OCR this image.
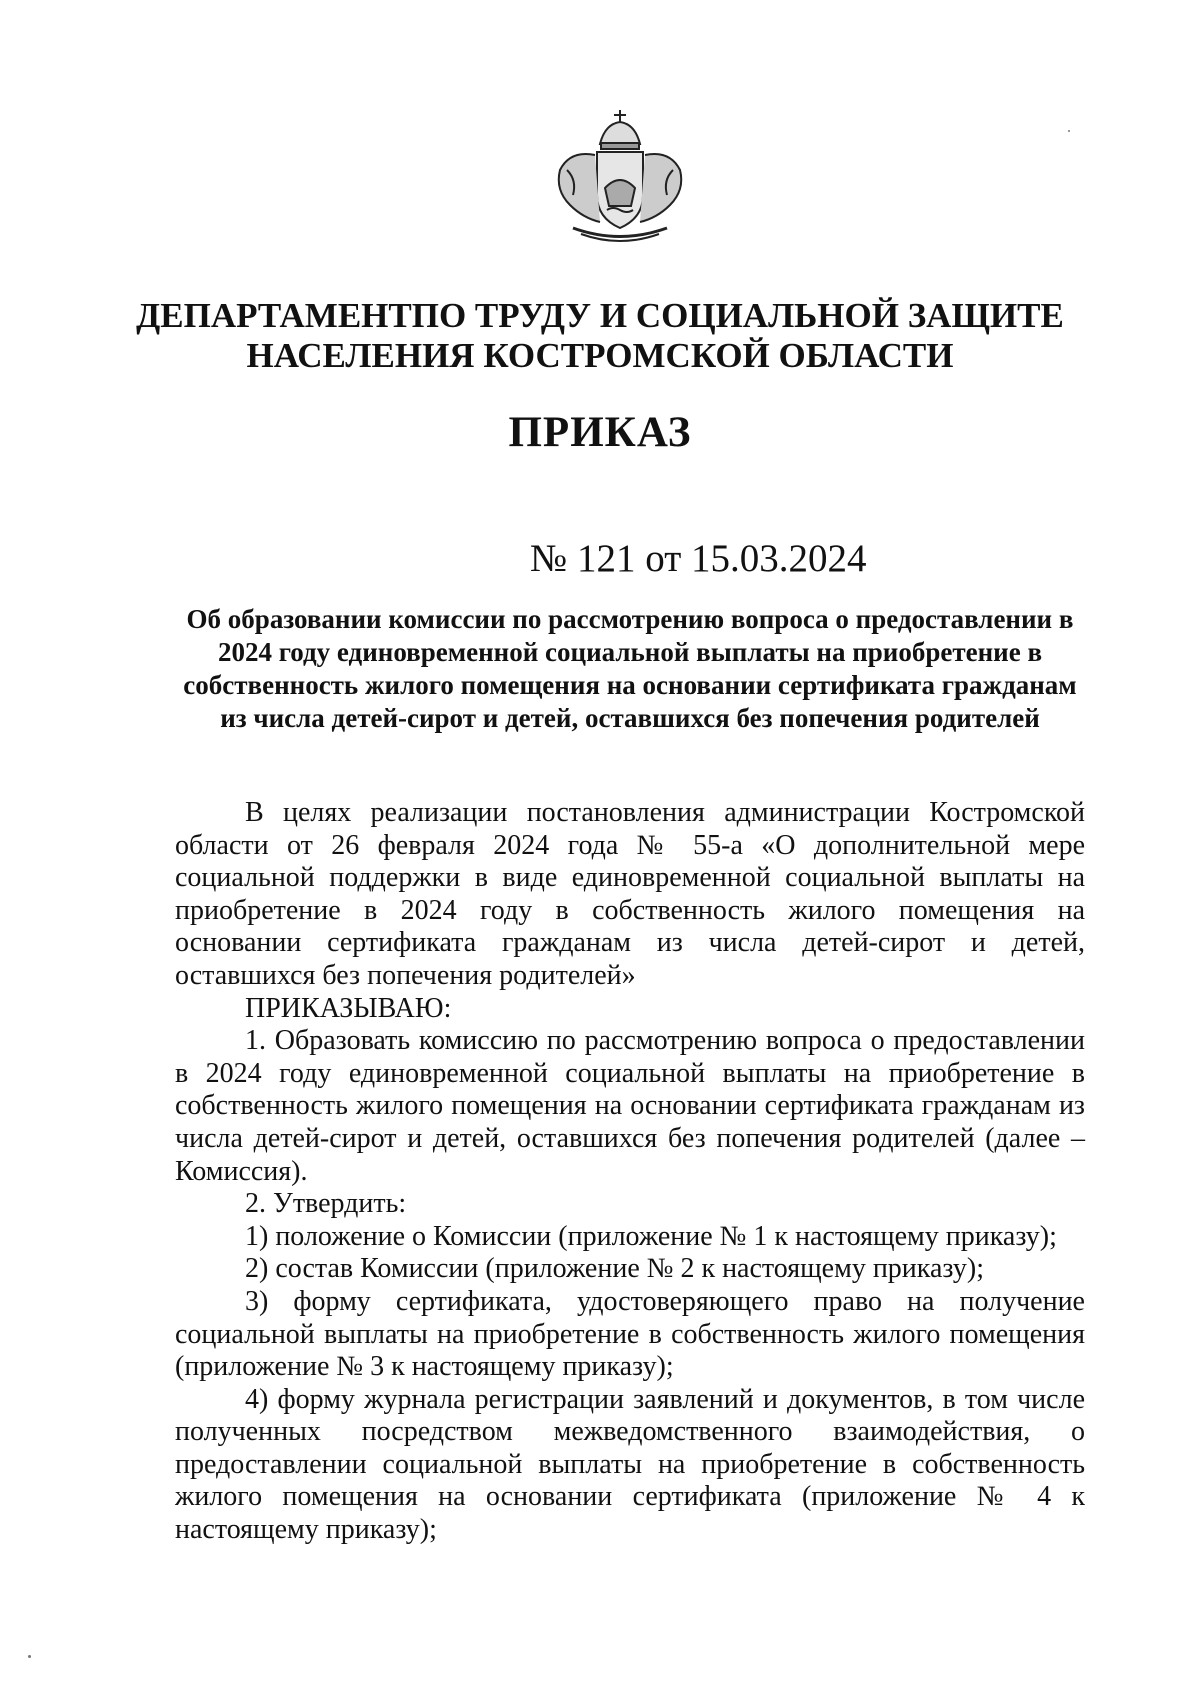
ДЕПАРТАМЕНТПО ТРУДУ И СОЦИАЛЬНОЙ ЗАЩИТЕ
НАСЕЛЕНИЯ КОСТРОМСКОЙ ОБЛАСТИ
ПРИКАЗ
№ 121 от 15.03.2024
Об образовании комиссии по рассмотрению вопроса о предоставлении в 2024 году единовременной социальной выплаты на приобретение в собственность жилого помещения на основании сертификата гражданам из числа детей-сирот и детей, оставшихся без попечения родителей

В целях реализации постановления администрации Костромской области от 26 февраля 2024 года № 55-а «О дополнительной мере социальной поддержки в виде единовременной социальной выплаты на приобретение в 2024 году в собственность жилого помещения на основании сертификата гражданам из числа детей-сирот и детей, оставшихся без попечения родителей»

ПРИКАЗЫВАЮ:

1. Образовать комиссию по рассмотрению вопроса о предоставлении в 2024 году единовременной социальной выплаты на приобретение в собственность жилого помещения на основании сертификата гражданам из числа детей-сирот и детей, оставшихся без попечения родителей (далее – Комиссия).

2. Утвердить:

1) положение о Комиссии (приложение № 1 к настоящему приказу);

2) состав Комиссии (приложение № 2 к настоящему приказу);

3) форму сертификата, удостоверяющего право на получение социальной выплаты на приобретение в собственность жилого помещения (приложение № 3 к настоящему приказу);

4) форму журнала регистрации заявлений и документов, в том числе полученных посредством межведомственного взаимодействия, о предоставлении социальной выплаты на приобретение в собственность жилого помещения на основании сертификата (приложение № 4 к настоящему приказу);
